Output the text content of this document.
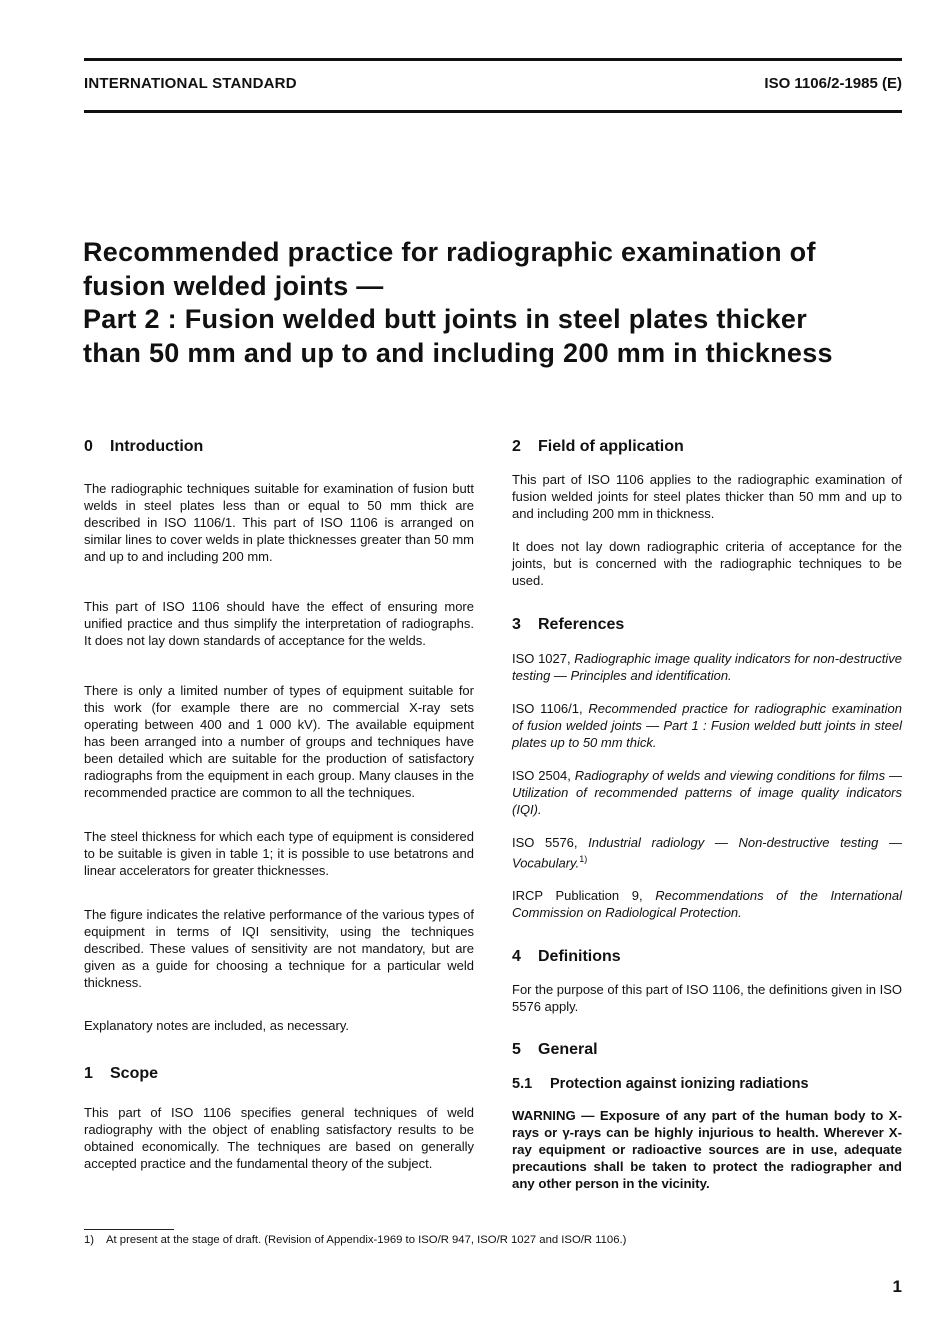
INTERNATIONAL STANDARD	ISO 1106/2-1985 (E)
Recommended practice for radiographic examination of
fusion welded joints —
Part 2 : Fusion welded butt joints in steel plates thicker
than 50 mm and up to and including 200 mm in thickness
0 Introduction

The radiographic techniques suitable for examination of fusion butt welds in steel plates less than or equal to 50 mm thick are described in ISO 1106/1. This part of ISO 1106 is arranged on similar lines to cover welds in plate thicknesses greater than 50 mm and up to and including 200 mm.

This part of ISO 1106 should have the effect of ensuring more unified practice and thus simplify the interpretation of radiographs. It does not lay down standards of acceptance for the welds.

There is only a limited number of types of equipment suitable for this work (for example there are no commercial X-ray sets operating between 400 and 1 000 kV). The available equipment has been arranged into a number of groups and techniques have been detailed which are suitable for the production of satisfactory radiographs from the equipment in each group. Many clauses in the recommended practice are common to all the techniques.

The steel thickness for which each type of equipment is considered to be suitable is given in table 1; it is possible to use betatrons and linear accelerators for greater thicknesses.

The figure indicates the relative performance of the various types of equipment in terms of IQI sensitivity, using the techniques described. These values of sensitivity are not mandatory, but are given as a guide for choosing a technique for a particular weld thickness.

Explanatory notes are included, as necessary.

1 Scope

This part of ISO 1106 specifies general techniques of weld radiography with the object of enabling satisfactory results to be obtained economically. The techniques are based on generally accepted practice and the fundamental theory of the subject.

2 Field of application

This part of ISO 1106 applies to the radiographic examination of fusion welded joints for steel plates thicker than 50 mm and up to and including 200 mm in thickness.

It does not lay down radiographic criteria of acceptance for the joints, but is concerned with the radiographic techniques to be used.

3 References

ISO 1027, Radiographic image quality indicators for non-destructive testing — Principles and identification.

ISO 1106/1, Recommended practice for radiographic examination of fusion welded joints — Part 1 : Fusion welded butt joints in steel plates up to 50 mm thick.

ISO 2504, Radiography of welds and viewing conditions for films — Utilization of recommended patterns of image quality indicators (IQI).

ISO 5576, Industrial radiology — Non-destructive testing — Vocabulary.$^{1)}$

IRCP Publication 9, Recommendations of the International Commission on Radiological Protection.

4 Definitions

For the purpose of this part of ISO 1106, the definitions given in ISO 5576 apply.

5 General
5.1 Protection against ionizing radiations

WARNING — Exposure of any part of the human body to X-rays or γ-rays can be highly injurious to health. Wherever X-ray equipment or radioactive sources are in use, adequate precautions shall be taken to protect the radiographer and any other person in the vicinity.

1) At present at the stage of draft. (Revision of Appendix-1969 to ISO/R 947, ISO/R 1027 and ISO/R 1106.)
1
